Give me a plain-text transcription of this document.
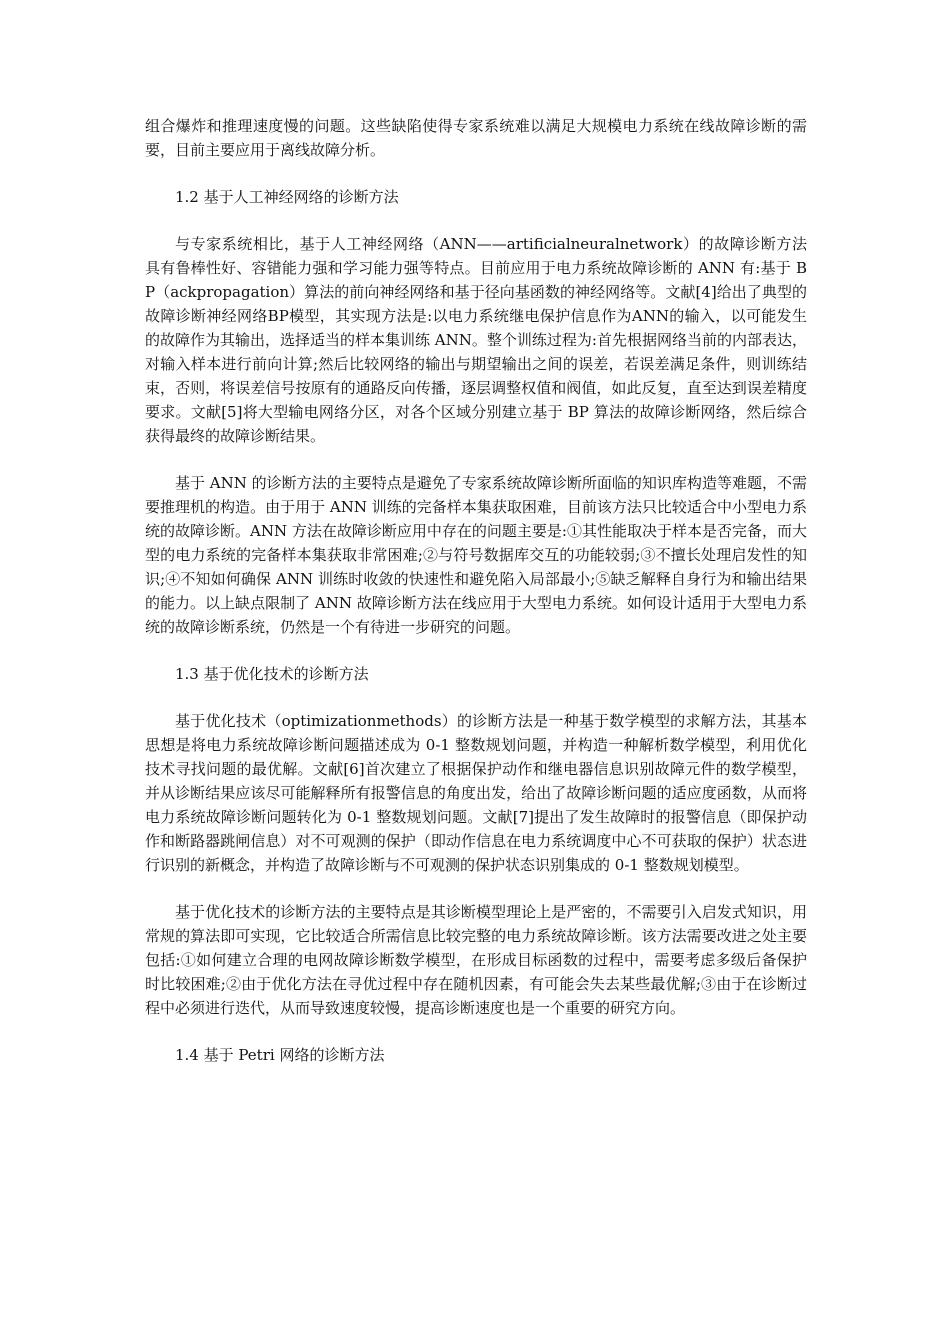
组合爆炸和推理速度慢的问题。这些缺陷使得专家系统难以满足大规模电力系统在线故障诊断的需要，目前主要应用于离线故障分析。

1.2 基于人工神经网络的诊断方法

与专家系统相比，基于人工神经网络（ANN——artificialneuralnetwork）的故障诊断方法具有鲁棒性好、容错能力强和学习能力强等特点。目前应用于电力系统故障诊断的 ANN 有:基于 BP（ackpropagation）算法的前向神经网络和基于径向基函数的神经网络等。文献[4]给出了典型的故障诊断神经网络BP模型，其实现方法是:以电力系统继电保护信息作为ANN的输入，以可能发生的故障作为其输出，选择适当的样本集训练 ANN。整个训练过程为:首先根据网络当前的内部表达，对输入样本进行前向计算;然后比较网络的输出与期望输出之间的误差，若误差满足条件，则训练结束，否则，将误差信号按原有的通路反向传播，逐层调整权值和阀值，如此反复，直至达到误差精度要求。文献[5]将大型输电网络分区，对各个区域分别建立基于 BP 算法的故障诊断网络，然后综合获得最终的故障诊断结果。

基于 ANN 的诊断方法的主要特点是避免了专家系统故障诊断所面临的知识库构造等难题，不需要推理机的构造。由于用于 ANN 训练的完备样本集获取困难，目前该方法只比较适合中小型电力系统的故障诊断。ANN 方法在故障诊断应用中存在的问题主要是:①其性能取决于样本是否完备，而大型的电力系统的完备样本集获取非常困难;②与符号数据库交互的功能较弱;③不擅长处理启发性的知识;④不知如何确保 ANN 训练时收敛的快速性和避免陷入局部最小;⑤缺乏解释自身行为和输出结果的能力。以上缺点限制了 ANN 故障诊断方法在线应用于大型电力系统。如何设计适用于大型电力系统的故障诊断系统，仍然是一个有待进一步研究的问题。

1.3 基于优化技术的诊断方法

基于优化技术（optimizationmethods）的诊断方法是一种基于数学模型的求解方法，其基本思想是将电力系统故障诊断问题描述成为 0-1 整数规划问题，并构造一种解析数学模型，利用优化技术寻找问题的最优解。文献[6]首次建立了根据保护动作和继电器信息识别故障元件的数学模型，并从诊断结果应该尽可能解释所有报警信息的角度出发，给出了故障诊断问题的适应度函数，从而将电力系统故障诊断问题转化为 0-1 整数规划问题。文献[7]提出了发生故障时的报警信息（即保护动作和断路器跳闸信息）对不可观测的保护（即动作信息在电力系统调度中心不可获取的保护）状态进行识别的新概念，并构造了故障诊断与不可观测的保护状态识别集成的 0-1 整数规划模型。

基于优化技术的诊断方法的主要特点是其诊断模型理论上是严密的，不需要引入启发式知识，用常规的算法即可实现，它比较适合所需信息比较完整的电力系统故障诊断。该方法需要改进之处主要包括:①如何建立合理的电网故障诊断数学模型，在形成目标函数的过程中，需要考虑多级后备保护时比较困难;②由于优化方法在寻优过程中存在随机因素，有可能会失去某些最优解;③由于在诊断过程中必须进行迭代，从而导致速度较慢，提高诊断速度也是一个重要的研究方向。

1.4 基于 Petri 网络的诊断方法
